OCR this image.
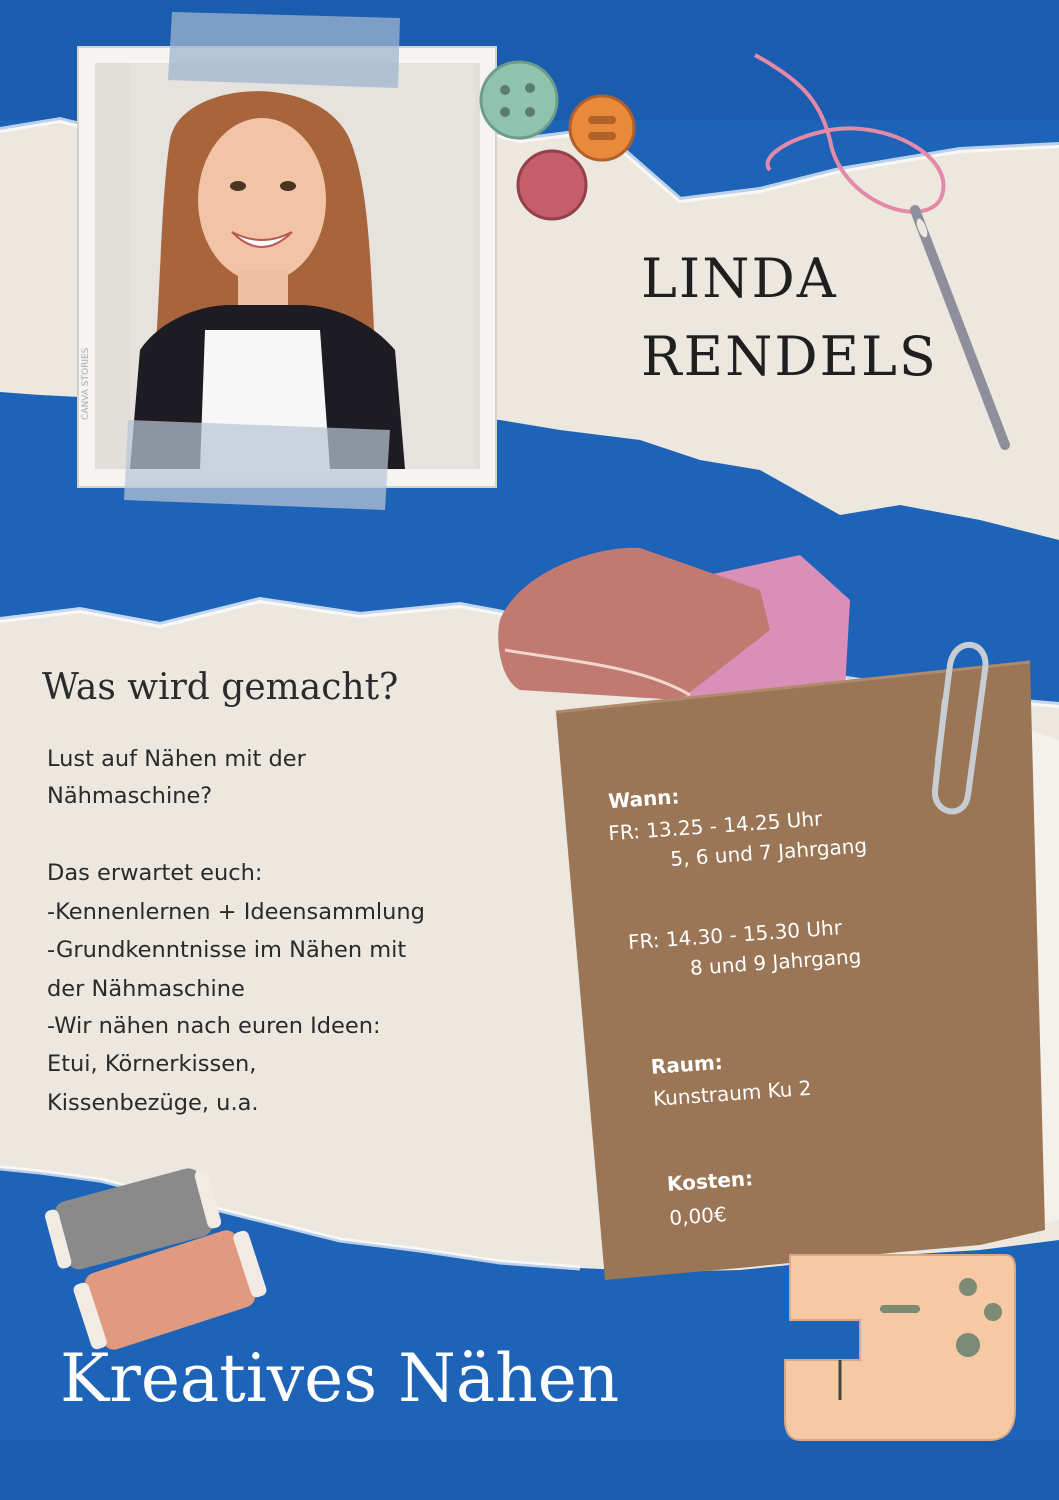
CANVA STORIES
LINDA
RENDELS
Was wird gemacht?
Lust auf Nähen mit der
Nähmaschine?
Das erwartet euch:
-Kennenlernen + Ideensammlung
-Grundkenntnisse im Nähen mit
der Nähmaschine
-Wir nähen nach euren Ideen:
Etui, Körnerkissen,
Kissenbezüge, u.a.
Wann:
FR: 13.25 - 14.25 Uhr
5, 6 und 7 Jahrgang
FR: 14.30 - 15.30 Uhr
8 und 9 Jahrgang
Raum:
Kunstraum Ku 2
Kosten:
0,00€
Kreatives Nähen
